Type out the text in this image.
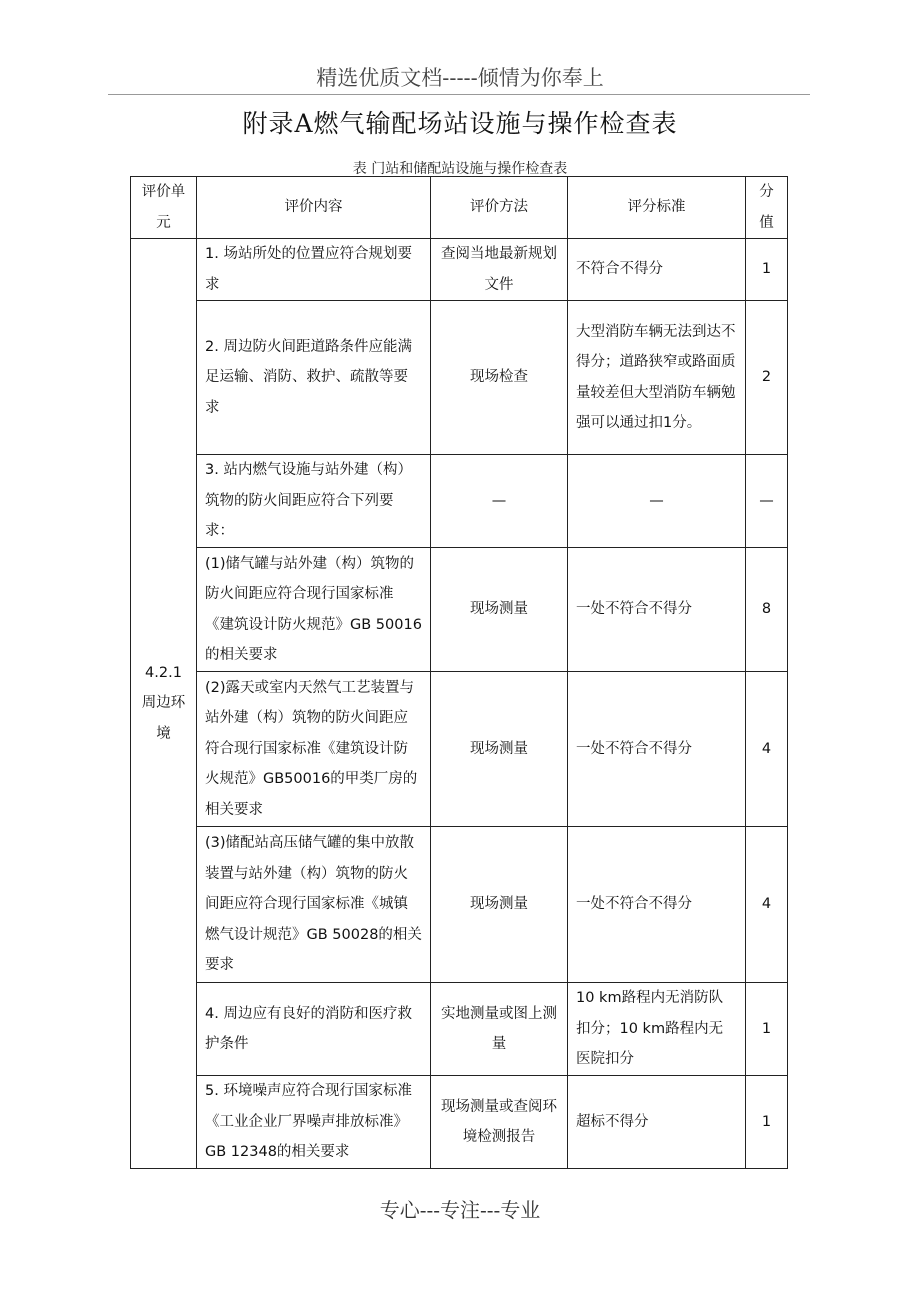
精选优质文档-----倾情为你奉上
附录A燃气输配场站设施与操作检查表
表 门站和储配站设施与操作检查表
评价单元	评价内容	评价方法	评分标准	分值
4.2.1 周边环境	1. 场站所处的位置应符合规划要求	查阅当地最新规划文件	不符合不得分	1
	2. 周边防火间距道路条件应能满足运输、消防、救护、疏散等要求	现场检查	大型消防车辆无法到达不得分；道路狭窄或路面质量较差但大型消防车辆勉强可以通过扣1分。	2
	3. 站内燃气设施与站外建（构）筑物的防火间距应符合下列要求：	—	—	—
	(1)储气罐与站外建（构）筑物的防火间距应符合现行国家标准《建筑设计防火规范》GB 50016的相关要求	现场测量	一处不符合不得分	8
	(2)露天或室内天然气工艺装置与站外建（构）筑物的防火间距应符合现行国家标准《建筑设计防火规范》GB50016的甲类厂房的相关要求	现场测量	一处不符合不得分	4
	(3)储配站高压储气罐的集中放散装置与站外建（构）筑物的防火间距应符合现行国家标准《城镇燃气设计规范》GB 50028的相关要求	现场测量	一处不符合不得分	4
	4. 周边应有良好的消防和医疗救护条件	实地测量或图上测量	10 km路程内无消防队扣分；10 km路程内无医院扣分	1
	5. 环境噪声应符合现行国家标准《工业企业厂界噪声排放标准》GB 12348的相关要求	现场测量或查阅环境检测报告	超标不得分	1
专心---专注---专业
